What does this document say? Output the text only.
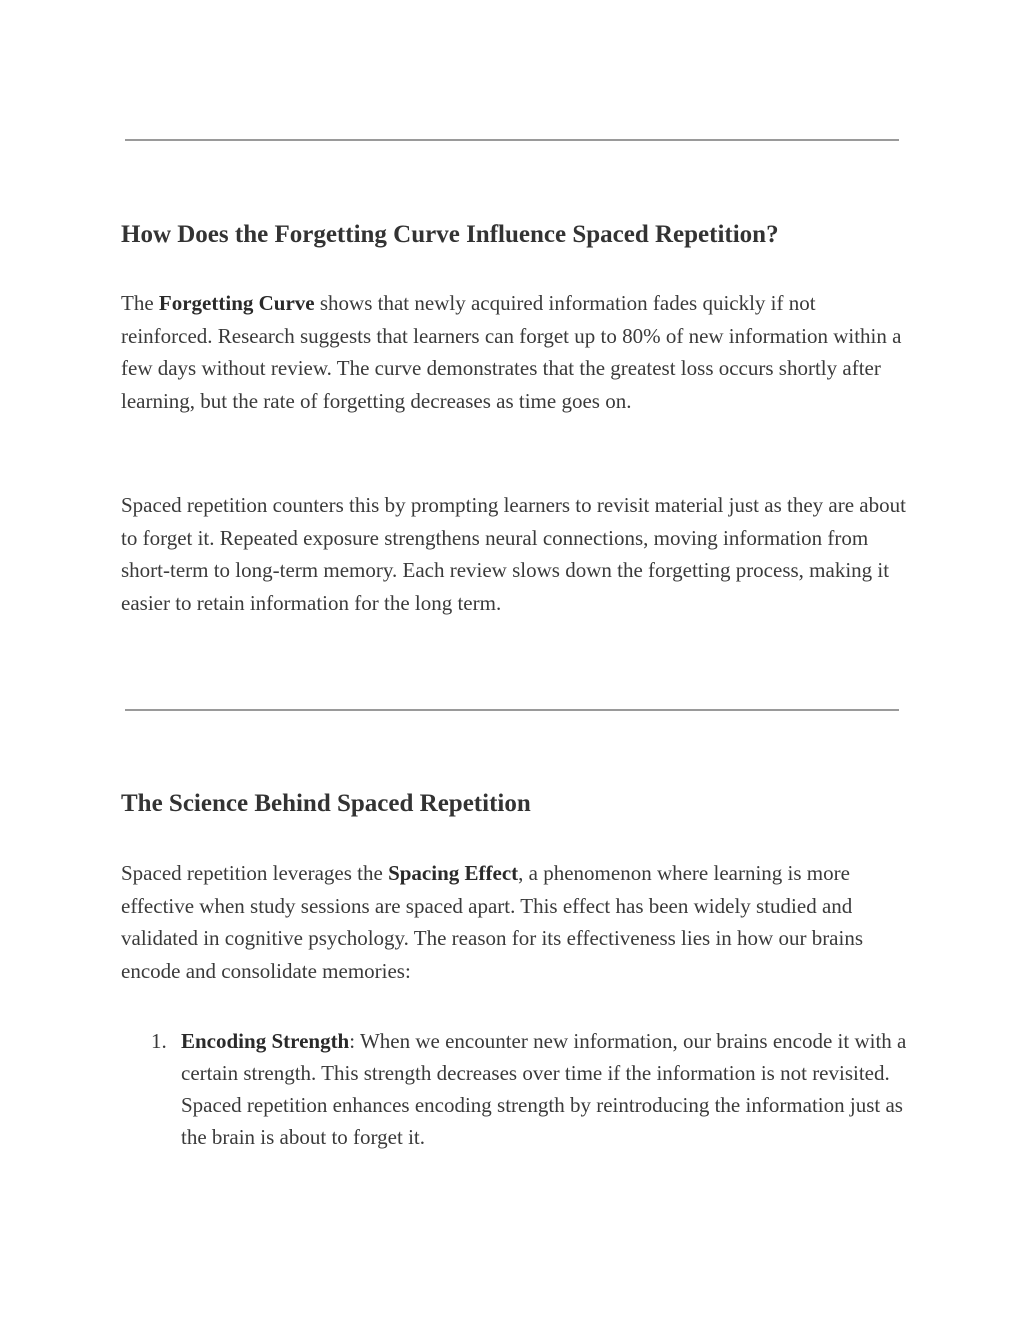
How Does the Forgetting Curve Influence Spaced Repetition?

The Forgetting Curve shows that newly acquired information fades quickly if not reinforced. Research suggests that learners can forget up to 80% of new information within a few days without review. The curve demonstrates that the greatest loss occurs shortly after learning, but the rate of forgetting decreases as time goes on.

Spaced repetition counters this by prompting learners to revisit material just as they are about to forget it. Repeated exposure strengthens neural connections, moving information from short-term to long-term memory. Each review slows down the forgetting process, making it easier to retain information for the long term.

The Science Behind Spaced Repetition

Spaced repetition leverages the Spacing Effect, a phenomenon where learning is more effective when study sessions are spaced apart. This effect has been widely studied and validated in cognitive psychology. The reason for its effectiveness lies in how our brains encode and consolidate memories:

1. Encoding Strength: When we encounter new information, our brains encode it with a certain strength. This strength decreases over time if the information is not revisited. Spaced repetition enhances encoding strength by reintroducing the information just as the brain is about to forget it.
